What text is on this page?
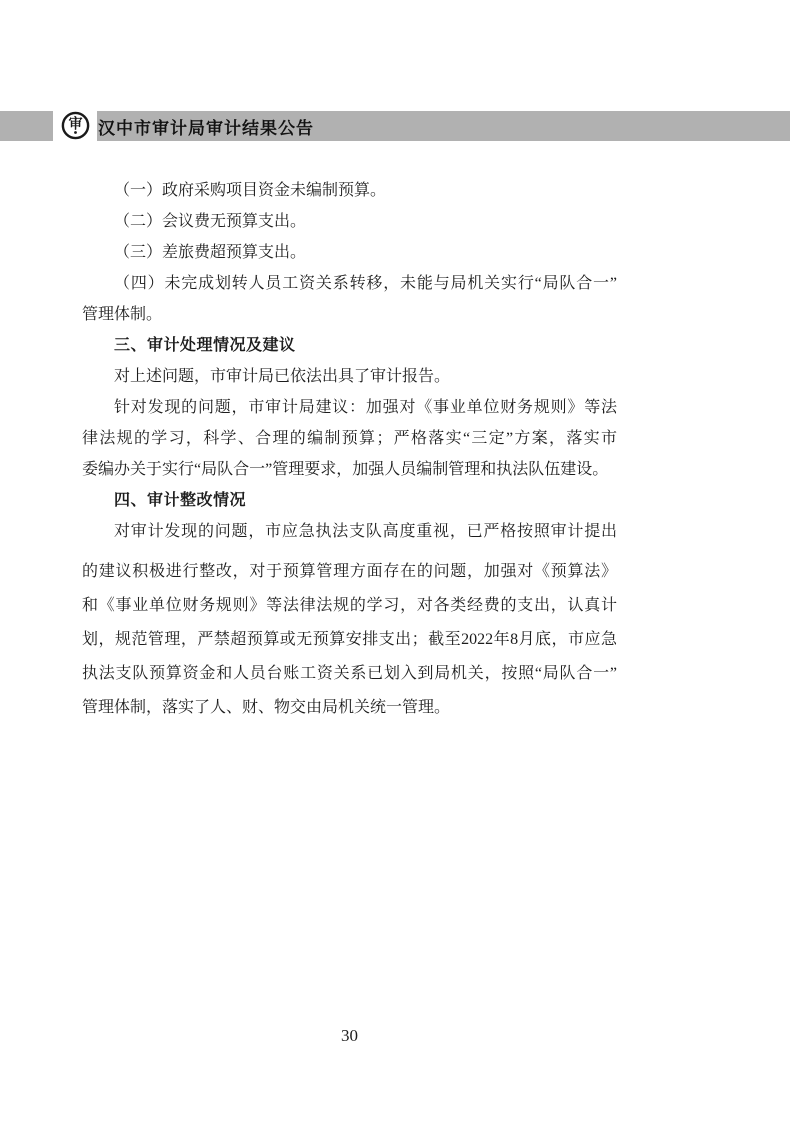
审 汉中市审计局审计结果公告
（一）政府采购项目资金未编制预算。
（二）会议费无预算支出。
（三）差旅费超预算支出。
（四）未完成划转人员工资关系转移，未能与局机关实行“局队合一”
管理体制。
三、审计处理情况及建议
对上述问题，市审计局已依法出具了审计报告。
针对发现的问题，市审计局建议：加强对《事业单位财务规则》等法
律法规的学习，科学、合理的编制预算；严格落实“三定”方案，落实市
委编办关于实行“局队合一”管理要求，加强人员编制管理和执法队伍建设。
四、审计整改情况
对审计发现的问题，市应急执法支队高度重视，已严格按照审计提出
的建议积极进行整改，对于预算管理方面存在的问题，加强对《预算法》
和《事业单位财务规则》等法律法规的学习，对各类经费的支出，认真计
划，规范管理，严禁超预算或无预算安排支出；截至2022年8月底，市应急
执法支队预算资金和人员台账工资关系已划入到局机关，按照“局队合一”
管理体制，落实了人、财、物交由局机关统一管理。
30
